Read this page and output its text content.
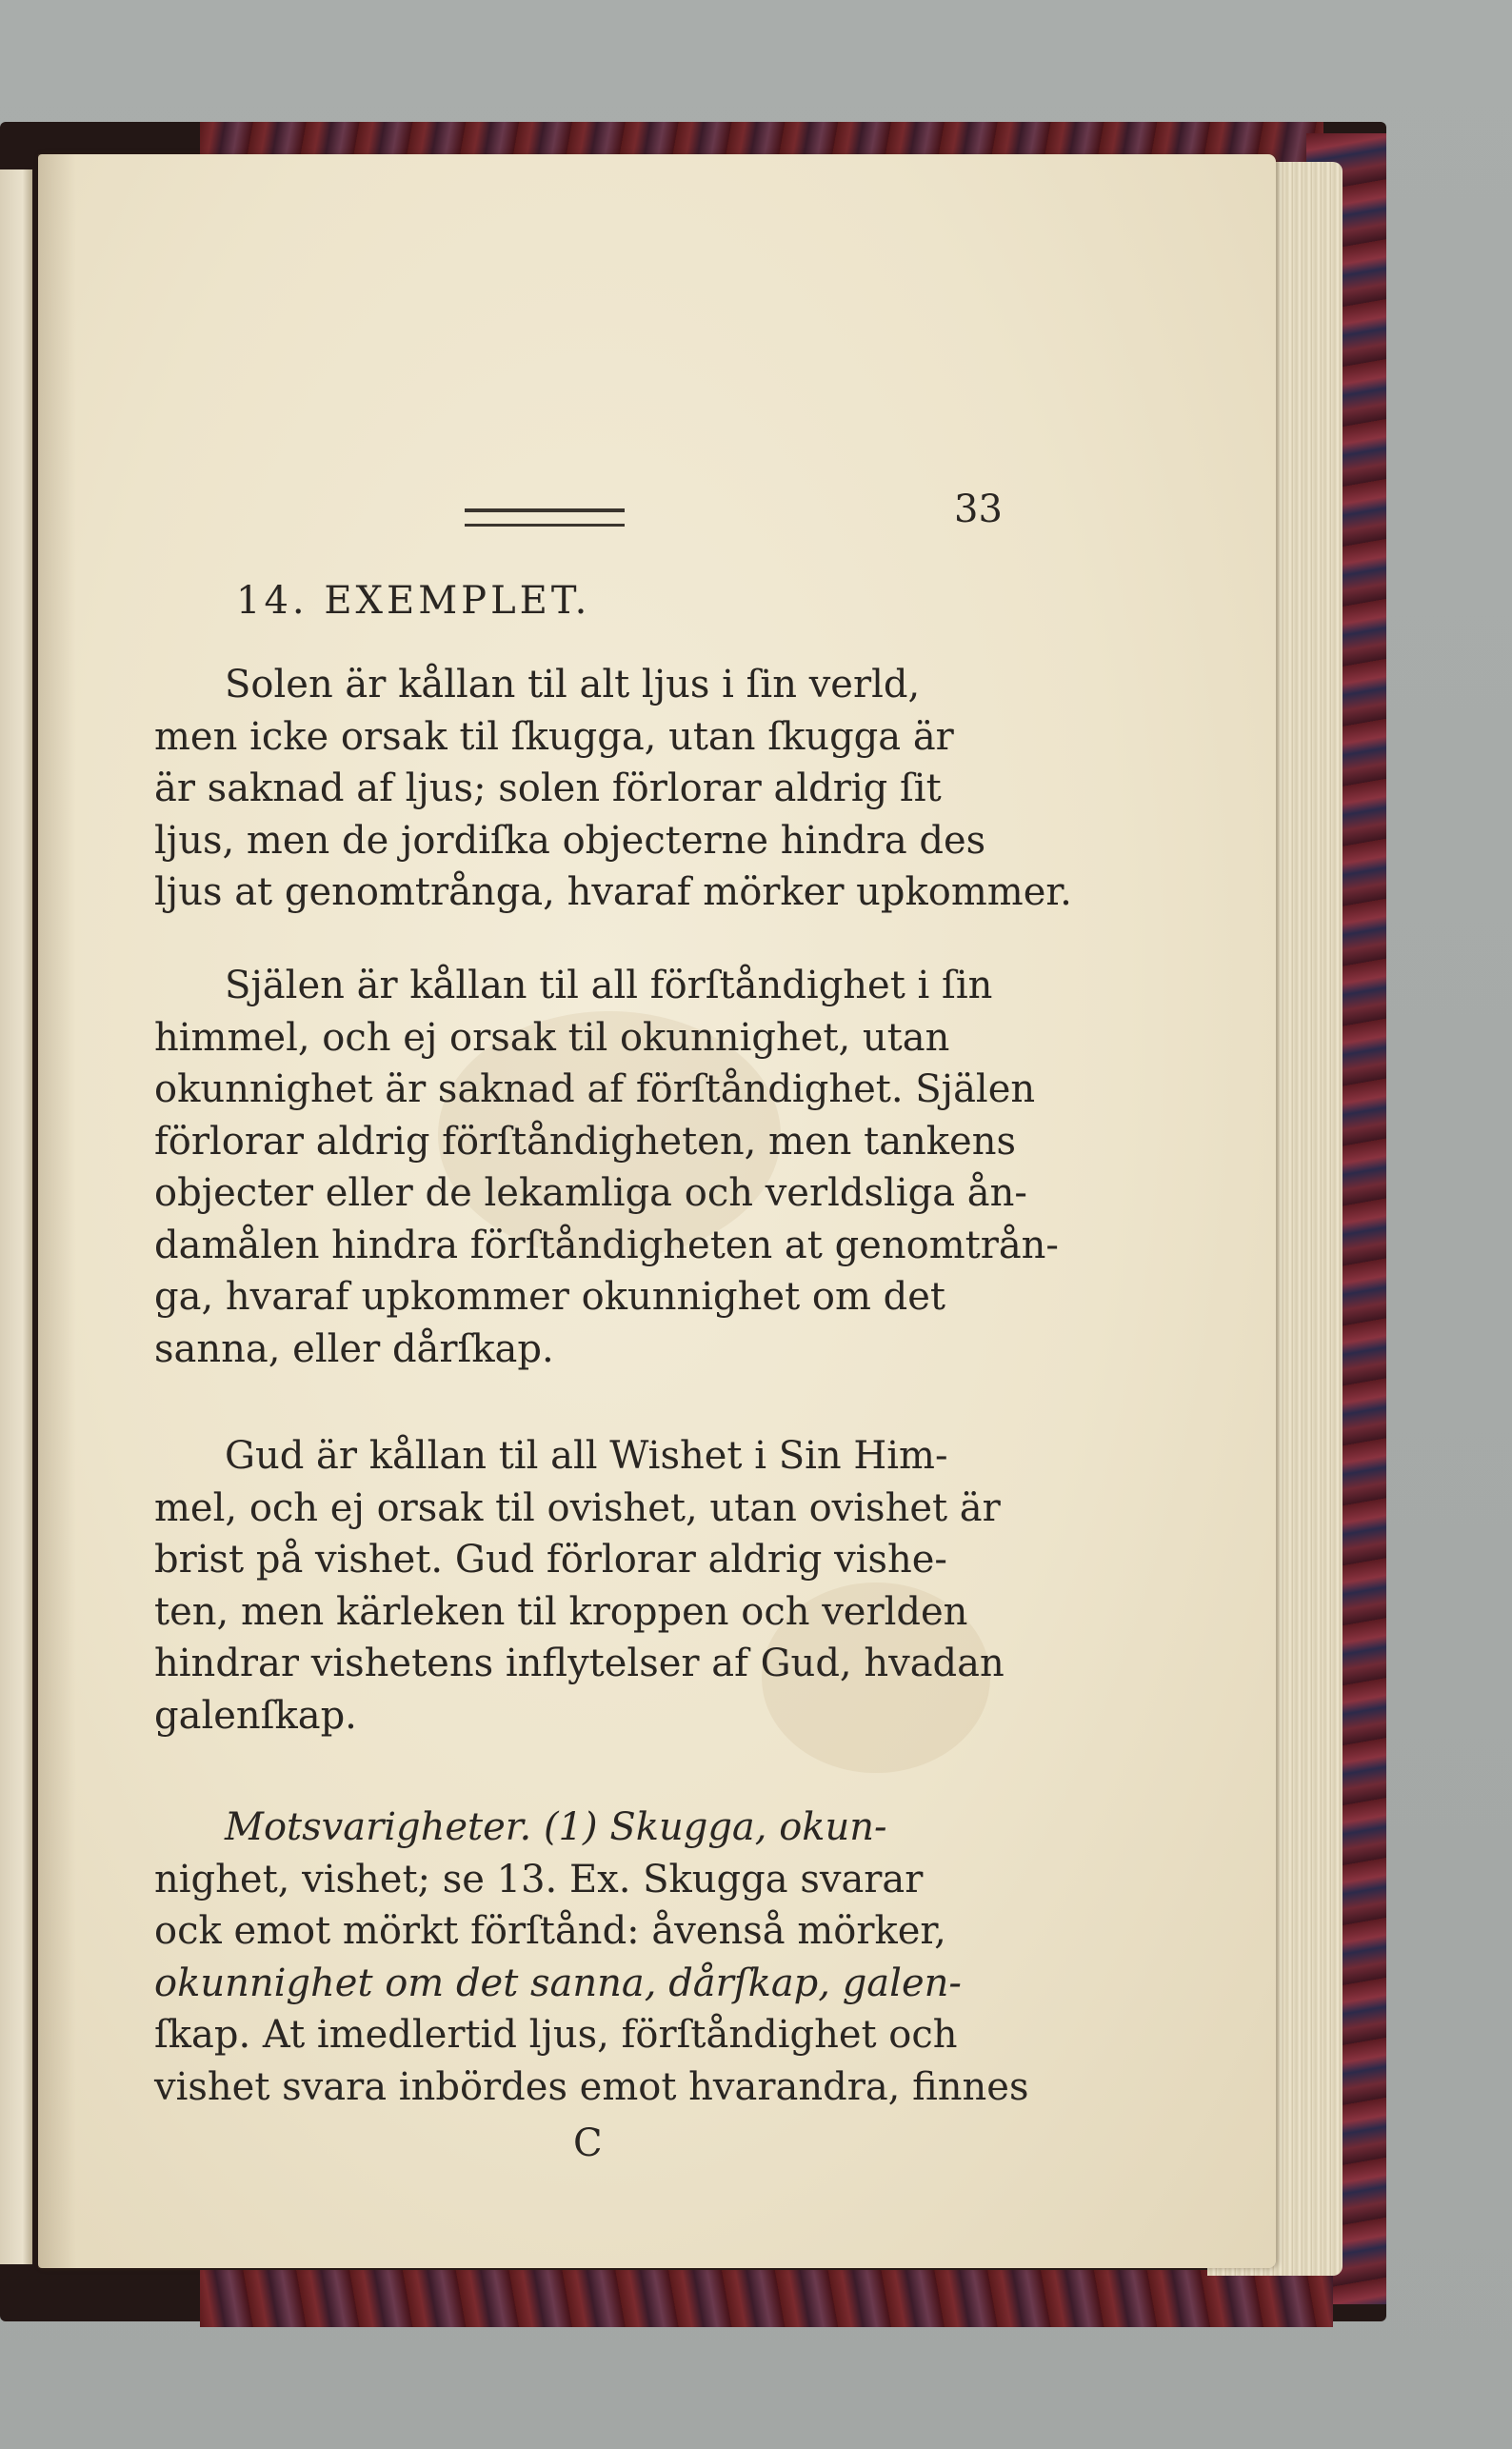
33
14. EXEMPLET.

Solen är kållan til alt ljus i ſin verld,
men icke orsak til ſkugga, utan ſkugga är
är saknad af ljus; solen förlorar aldrig ſit
ljus, men de jordiſka objecterne hindra des
ljus at genomtrånga, hvaraf mörker upkommer.

Själen är kållan til all förſtåndighet i ſin
himmel, och ej orsak til okunnighet, utan
okunnighet är saknad af förſtåndighet. Själen
förlorar aldrig förſtåndigheten, men tankens
objecter eller de lekamliga och verldsliga ån-
damålen hindra förſtåndigheten at genomtrån-
ga, hvaraf upkommer okunnighet om det
sanna, eller dårſkap.

Gud är kållan til all Wishet i Sin Him-
mel, och ej orsak til ovishet, utan ovishet är
brist på vishet. Gud förlorar aldrig vishe-
ten, men kärleken til kroppen och verlden
hindrar vishetens inflytelser af Gud, hvadan
galenſkap.

Motsvarigheter. (1) Skugga, okun-
nighet, vishet; se 13. Ex. Skugga svarar
ock emot mörkt förſtånd: åvenså mörker,
okunnighet om det sanna, dårſkap, galen-
ſkap. At imedlertid ljus, förſtåndighet och
vishet svara inbördes emot hvarandra, finnes

C
